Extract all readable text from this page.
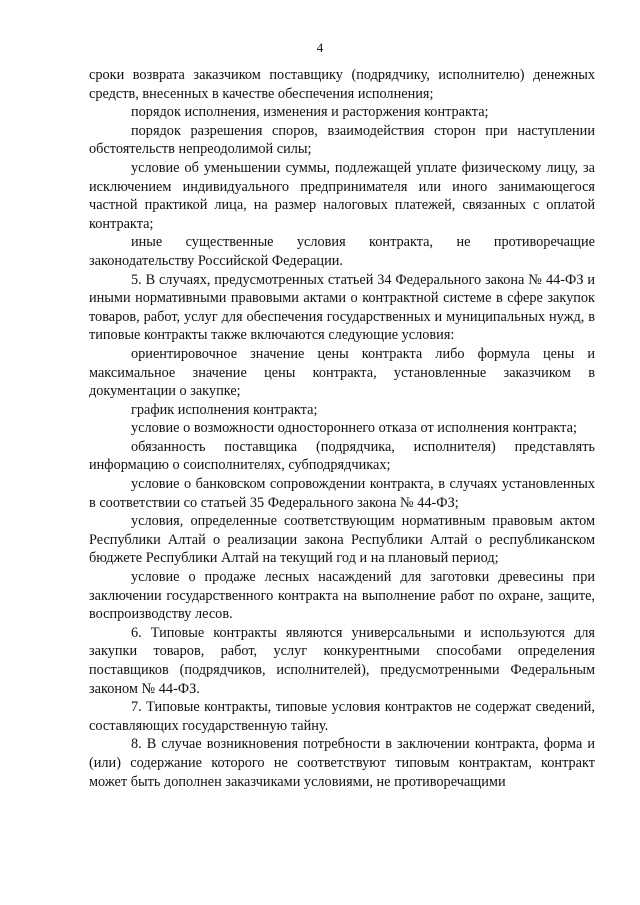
4

сроки возврата заказчиком поставщику (подрядчику, исполнителю) денежных средств, внесенных в качестве обеспечения исполнения;

порядок исполнения, изменения и расторжения контракта;

порядок разрешения споров, взаимодействия сторон при наступлении обстоятельств непреодолимой силы;

условие об уменьшении суммы, подлежащей уплате физическому лицу, за исключением индивидуального предпринимателя или иного занимающегося частной практикой лица, на размер налоговых платежей, связанных с оплатой контракта;

иные существенные условия контракта, не противоречащие законодательству Российской Федерации.

5. В случаях, предусмотренных статьей 34 Федерального закона № 44-ФЗ и иными нормативными правовыми актами о контрактной системе в сфере закупок товаров, работ, услуг для обеспечения государственных и муниципальных нужд, в типовые контракты также включаются следующие условия:

ориентировочное значение цены контракта либо формула цены и максимальное значение цены контракта, установленные заказчиком в документации о закупке;

график исполнения контракта;

условие о возможности одностороннего отказа от исполнения контракта;

обязанность поставщика (подрядчика, исполнителя) представлять информацию о соисполнителях, субподрядчиках;

условие о банковском сопровождении контракта, в случаях установленных в соответствии со статьей 35 Федерального закона № 44-ФЗ;

условия, определенные соответствующим нормативным правовым актом Республики Алтай о реализации закона Республики Алтай о республиканском бюджете Республики Алтай на текущий год и на плановый период;

условие о продаже лесных насаждений для заготовки древесины при заключении государственного контракта на выполнение работ по охране, защите, воспроизводству лесов.

6. Типовые контракты являются универсальными и используются для закупки товаров, работ, услуг конкурентными способами определения поставщиков (подрядчиков, исполнителей), предусмотренными Федеральным законом № 44-ФЗ.

7. Типовые контракты, типовые условия контрактов не содержат сведений, составляющих государственную тайну.

8. В случае возникновения потребности в заключении контракта, форма и (или) содержание которого не соответствуют типовым контрактам, контракт может быть дополнен заказчиками условиями, не противоречащими
